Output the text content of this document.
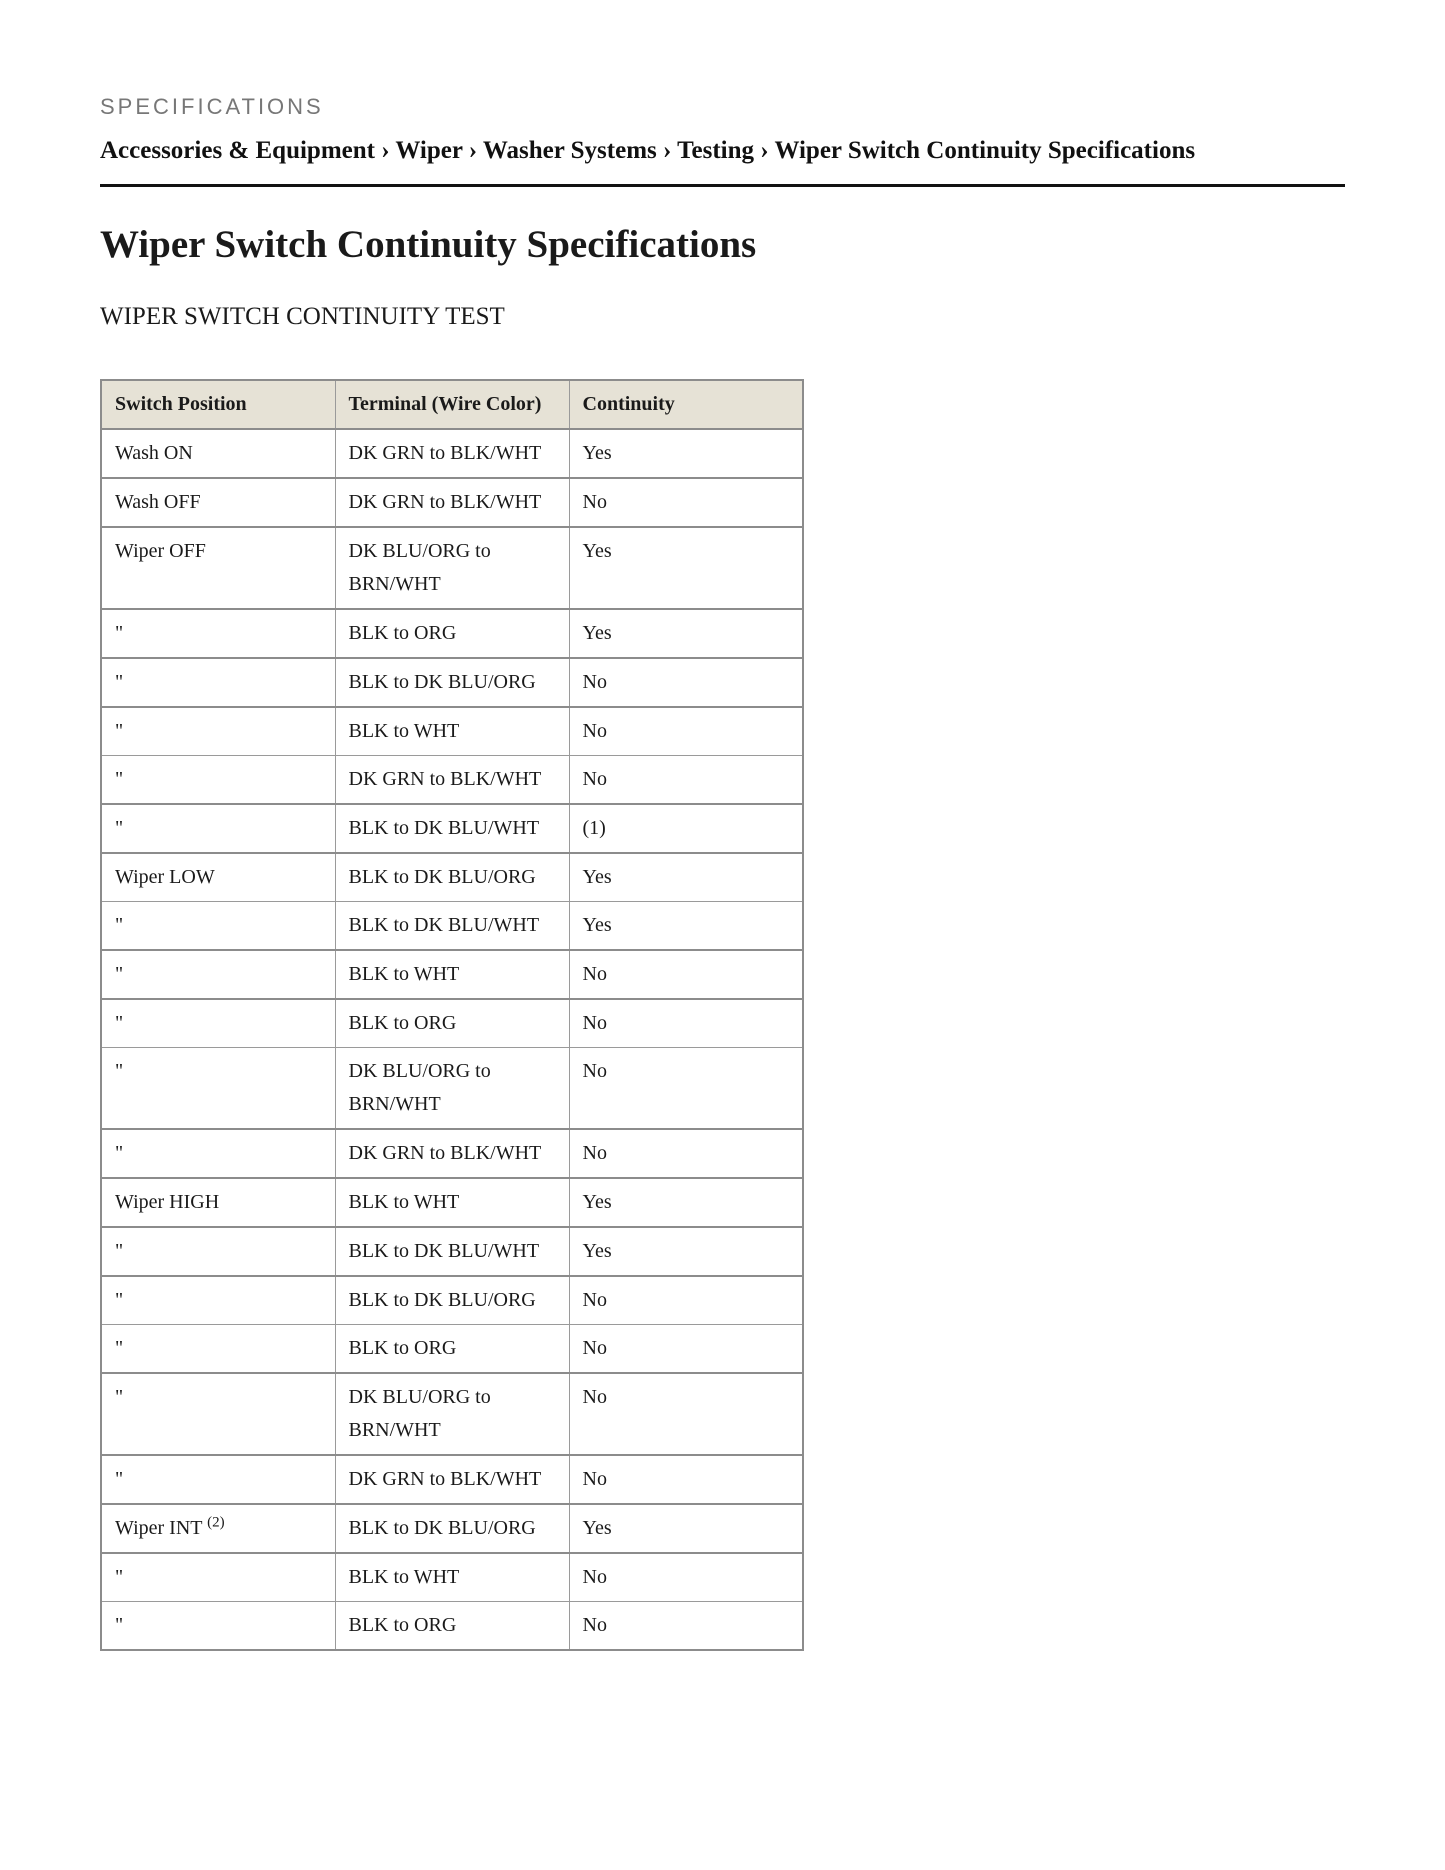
SPECIFICATIONS

Accessories & Equipment › Wiper › Washer Systems › Testing › Wiper Switch Continuity Specifications
Wiper Switch Continuity Specifications
WIPER SWITCH CONTINUITY TEST
Switch Position	Terminal (Wire Color)	Continuity
Wash ON	DK GRN to BLK/WHT	Yes
Wash OFF	DK GRN to BLK/WHT	No
Wiper OFF	DK BLU/ORG to BRN/WHT	Yes
"	BLK to ORG	Yes
"	BLK to DK BLU/ORG	No
"	BLK to WHT	No
"	DK GRN to BLK/WHT	No
"	BLK to DK BLU/WHT	(1)
Wiper LOW	BLK to DK BLU/ORG	Yes
"	BLK to DK BLU/WHT	Yes
"	BLK to WHT	No
"	BLK to ORG	No
"	DK BLU/ORG to BRN/WHT	No
"	DK GRN to BLK/WHT	No
Wiper HIGH	BLK to WHT	Yes
"	BLK to DK BLU/WHT	Yes
"	BLK to DK BLU/ORG	No
"	BLK to ORG	No
"	DK BLU/ORG to BRN/WHT	No
"	DK GRN to BLK/WHT	No
Wiper INT $^{(2)}$	BLK to DK BLU/ORG	Yes
"	BLK to WHT	No
"	BLK to ORG	No
